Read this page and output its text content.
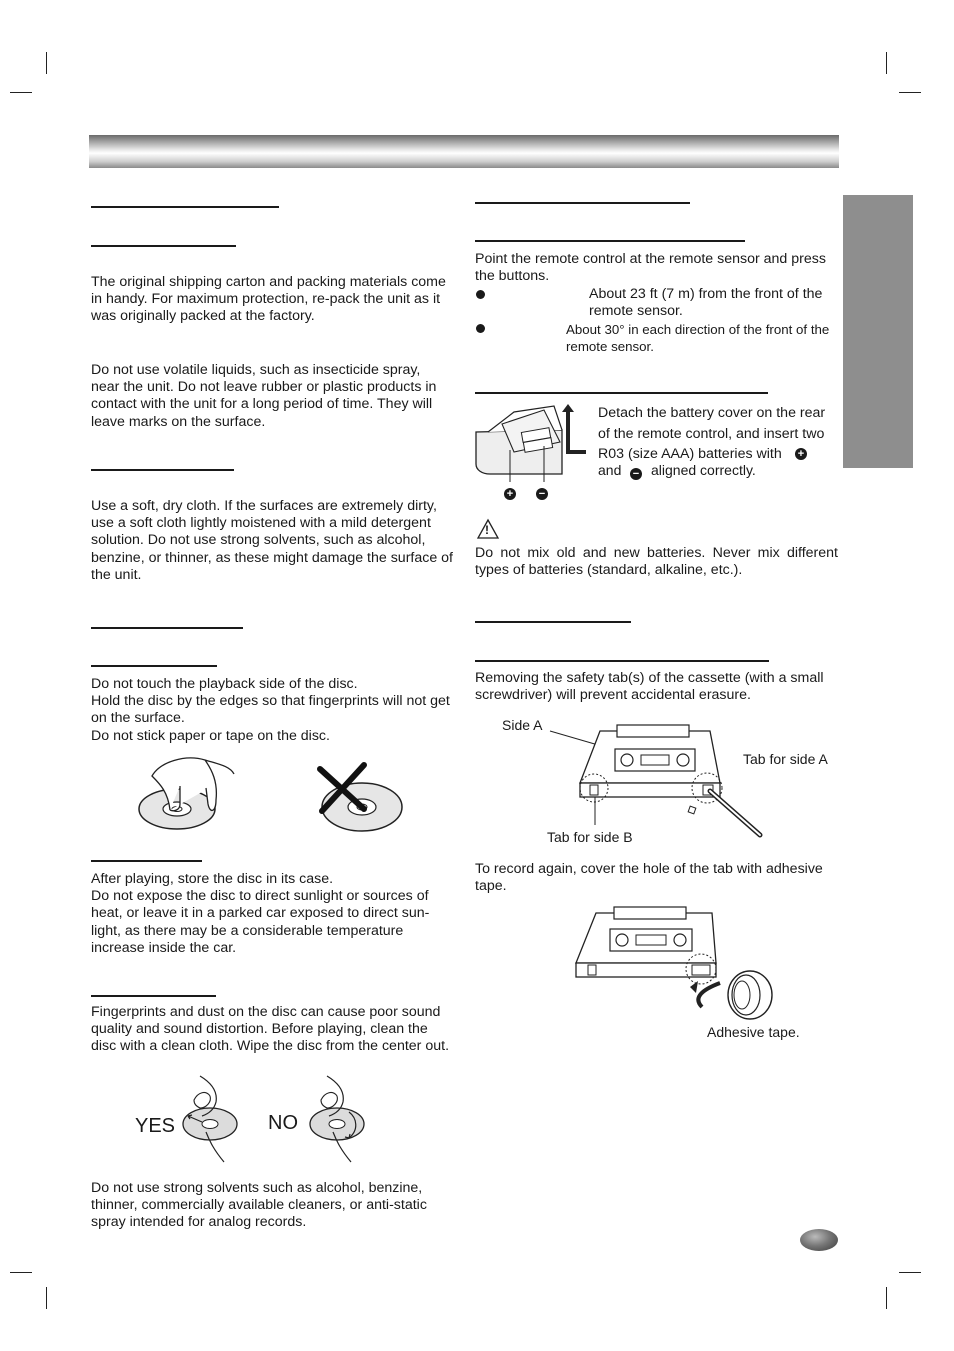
The original shipping carton and packing materials come in handy. For maximum protection, re-pack the unit as it was originally packed at the factory.

Do not use volatile liquids, such as insecticide spray, near the unit. Do not leave rubber or plastic products in contact with the unit for a long period of time. They will leave marks on the surface.

Use a soft, dry cloth. If the surfaces are extremely dirty, use a soft cloth lightly moistened with a mild detergent solution. Do not use strong solvents, such as alcohol, benzine, or thinner, as these might damage the surface of the unit.

Do not touch the playback side of the disc.

Hold the disc by the edges so that fingerprints will not get on the surface.

Do not stick paper or tape on the disc.

After playing, store the disc in its case.

Do not expose the disc to direct sunlight or sources of heat, or leave it in a parked car exposed to direct sun-light, as there may be a considerable temperature increase inside the car.

Fingerprints and dust on the disc can cause poor sound quality and sound distortion. Before playing, clean the disc with a clean cloth. Wipe the disc from the center out.

YES	NO

Do not use strong solvents such as alcohol, benzine, thinner, commercially available cleaners, or anti-static spray intended for analog records.

Point the remote control at the remote sensor and press the buttons.

About 23 ft (7 m) from the front of the remote sensor.

About 30° in each direction of the front of the remote sensor.

+ −

Detach the battery cover on the rear of the remote control, and insert two R03 (size AAA) batteries with	+
and − aligned correctly.
!

Do not mix old and new batteries. Never mix different types of batteries (standard, alkaline, etc.).

Removing the safety tab(s) of the cassette (with a small screwdriver) will prevent accidental erasure.

Side A
Tab for side A
Tab for side B

To record again, cover the hole of the tab with adhesive tape.

Adhesive tape.
